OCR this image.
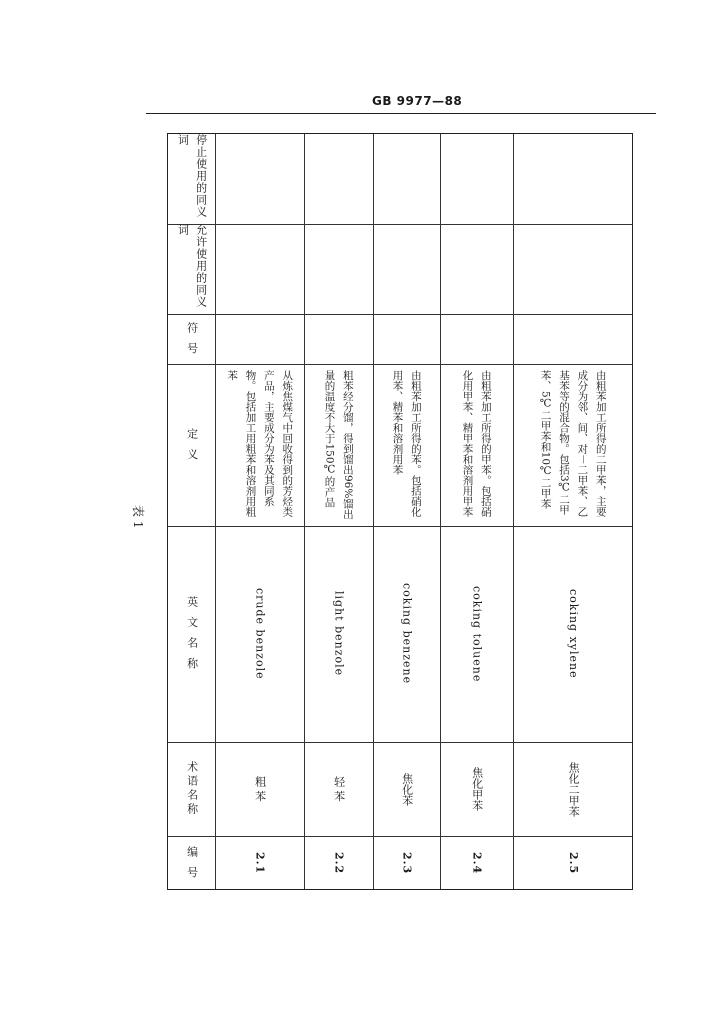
GB 9977—88
表 1
停止使用的同义词
允许使用的同义词
符 号
定 义
英 文 名 称
术语名称
编 号
从炼焦煤气中回收得到的芳烃类产品，主要成分为苯及其同系物。包括加工用粗苯和溶剂用粗苯
crude benzole
粗 苯
2.1
粗苯经分馏，得到馏出96%馏出量的温度不大于150℃的产品
light benzole
轻 苯
2.2
由粗苯加工所得的苯。包括硝化用苯、精苯和溶剂用苯
coking benzene
焦化苯
2.3
由粗苯加工所得的甲苯。包括硝化用甲苯、精甲苯和溶剂用甲苯
coking toluene
焦化甲苯
2.4
由粗苯加工所得的二甲苯，主要成分为邻、间、对－二甲苯、乙基苯等的混合物。包括3℃二甲苯、5℃二甲苯和10℃二甲苯
coking xylene
焦化二甲苯
2.5
